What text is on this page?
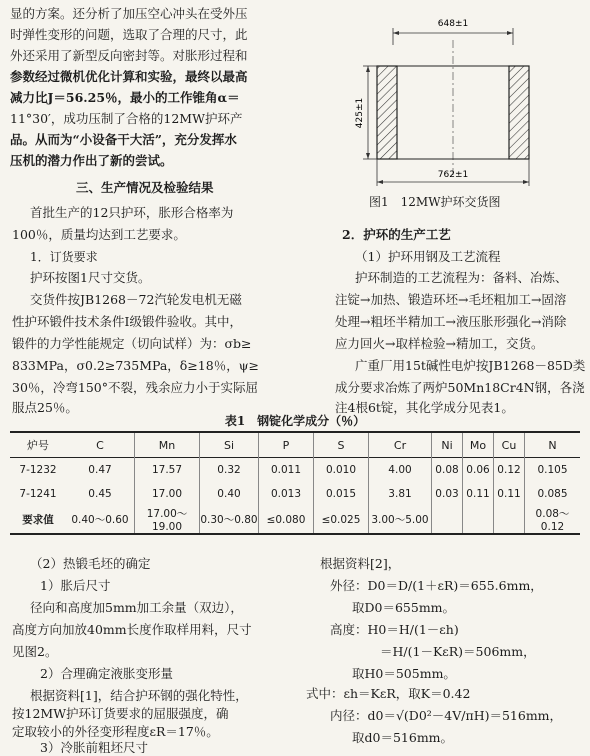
显的方案。还分析了加压空心冲头在受外压
时弹性变形的问题，选取了合理的尺寸，此
外还采用了新型反向密封等。对胀形过程和
参数经过微机优化计算和实验，最终以最高
减力比J＝56.25％，最小的工作锥角α＝
11°30′，成功压制了合格的12MW护环产
品。从而为“小设备干大活”，充分发挥水
压机的潜力作出了新的尝试。
三、生产情况及检验结果
首批生产的12只护环，胀形合格率为
100％，质量均达到工艺要求。
1．订货要求
护环按图1尺寸交货。
交货件按JB1268－72汽轮发电机无磁
性护环锻件技术条件Ⅰ级锻件验收。其中，
锻件的力学性能规定（切向试样）为：σb≥
833MPa，σ0.2≥735MPa，δ≥18％，ψ≥
30％，冷弯150°不裂，残余应力小于实际屈
服点25％。
648±1
425±1
762±1
图1　12MW护环交货图
2．护环的生产工艺
（1）护环用钢及工艺流程
护环制造的工艺流程为：备料、冶炼、
注锭→加热、锻造环坯→毛坯粗加工→固溶
处理→粗坯半精加工→液压胀形强化→消除
应力回火→取样检验→精加工，交货。
广重厂用15t碱性电炉按JB1268－85D类
成分要求冶炼了两炉50Mn18Cr4N钢，各浇
注4根6t锭，其化学成分见表1。
表1　钢锭化学成分（％）
炉号	C	Mn	Si	P	S	Cr	Ni	Mo	Cu	N
7-1232	0.47	17.57	0.32	0.011	0.010	4.00	0.08	0.06	0.12	0.105
7-1241	0.45	17.00	0.40	0.013	0.015	3.81	0.03	0.11	0.11	0.085
要求值	0.40～0.60	17.00～19.00	0.30～0.80	≤0.080	≤0.025	3.00～5.00				0.08～0.12
（2）热锻毛坯的确定
1）胀后尺寸
径向和高度加5mm加工余量（双边），
高度方向加放40mm长度作取样用料，尺寸
见图2。
2）合理确定液胀变形量
根据资料[1]，结合护环钢的强化特性，
按12MW护环订货要求的屈服强度，确
定取较小的外径变形程度εR＝17％。
3）冷胀前粗坯尺寸
根据资料[2]，
外径：D0＝D/(1＋εR)＝655.6mm，
取D0＝655mm。
高度：H0＝H/(1－εh)
＝H/(1－KεR)＝506mm，
取H0＝505mm。
式中：εh＝KεR，取K＝0.42
内径：d0＝√(D0²－4V/πH)＝516mm，
取d0＝516mm。
